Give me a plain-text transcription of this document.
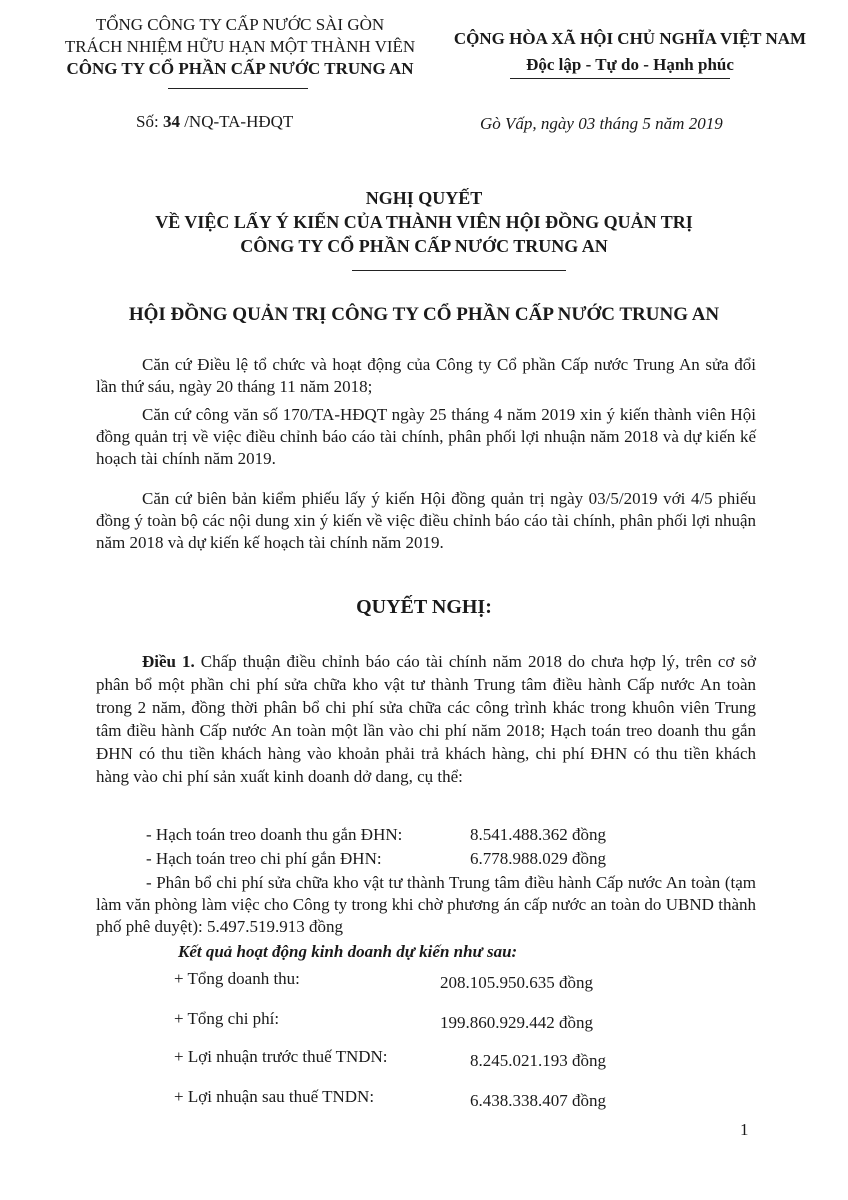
TỔNG CÔNG TY CẤP NƯỚC SÀI GÒN
TRÁCH NHIỆM HỮU HẠN MỘT THÀNH VIÊN
CÔNG TY CỔ PHẦN CẤP NƯỚC TRUNG AN
CỘNG HÒA XÃ HỘI CHỦ NGHĨA VIỆT NAM
Độc lập - Tự do - Hạnh phúc
Số: 34 /NQ-TA-HĐQT	Gò Vấp, ngày 03 tháng 5 năm 2019
NGHỊ QUYẾT
VỀ VIỆC LẤY Ý KIẾN CỦA THÀNH VIÊN HỘI ĐỒNG QUẢN TRỊ
CÔNG TY CỔ PHẦN CẤP NƯỚC TRUNG AN
HỘI ĐỒNG QUẢN TRỊ CÔNG TY CỔ PHẦN CẤP NƯỚC TRUNG AN

Căn cứ Điều lệ tổ chức và hoạt động của Công ty Cổ phần Cấp nước Trung An sửa đổi lần thứ sáu, ngày 20 tháng 11 năm 2018;

Căn cứ công văn số 170/TA-HĐQT ngày 25 tháng 4 năm 2019 xin ý kiến thành viên Hội đồng quản trị về việc điều chỉnh báo cáo tài chính, phân phối lợi nhuận năm 2018 và dự kiến kế hoạch tài chính năm 2019.

Căn cứ biên bản kiểm phiếu lấy ý kiến Hội đồng quản trị ngày 03/5/2019 với 4/5 phiếu đồng ý toàn bộ các nội dung xin ý kiến về việc điều chỉnh báo cáo tài chính, phân phối lợi nhuận năm 2018 và dự kiến kế hoạch tài chính năm 2019.

QUYẾT NGHỊ:

Điều 1. Chấp thuận điều chỉnh báo cáo tài chính năm 2018 do chưa hợp lý, trên cơ sở phân bổ một phần chi phí sửa chữa kho vật tư thành Trung tâm điều hành Cấp nước An toàn trong 2 năm, đồng thời phân bổ chi phí sửa chữa các công trình khác trong khuôn viên Trung tâm điều hành Cấp nước An toàn một lần vào chi phí năm 2018; Hạch toán treo doanh thu gắn ĐHN có thu tiền khách hàng vào khoản phải trả khách hàng, chi phí ĐHN có thu tiền khách hàng vào chi phí sản xuất kinh doanh dở dang, cụ thể:

- Hạch toán treo doanh thu gắn ĐHN:	8.541.488.362 đồng
- Hạch toán treo chi phí gắn ĐHN:	6.778.988.029 đồng

- Phân bổ chi phí sửa chữa kho vật tư thành Trung tâm điều hành Cấp nước An toàn (tạm làm văn phòng làm việc cho Công ty trong khi chờ phương án cấp nước an toàn do UBND thành phố phê duyệt): 5.497.519.913 đồng

Kết quả hoạt động kinh doanh dự kiến như sau:
+ Tổng doanh thu:	208.105.950.635 đồng
+ Tổng chi phí:	199.860.929.442 đồng
+ Lợi nhuận trước thuế TNDN:	8.245.021.193 đồng
+ Lợi nhuận sau thuế TNDN:	6.438.338.407 đồng
1
